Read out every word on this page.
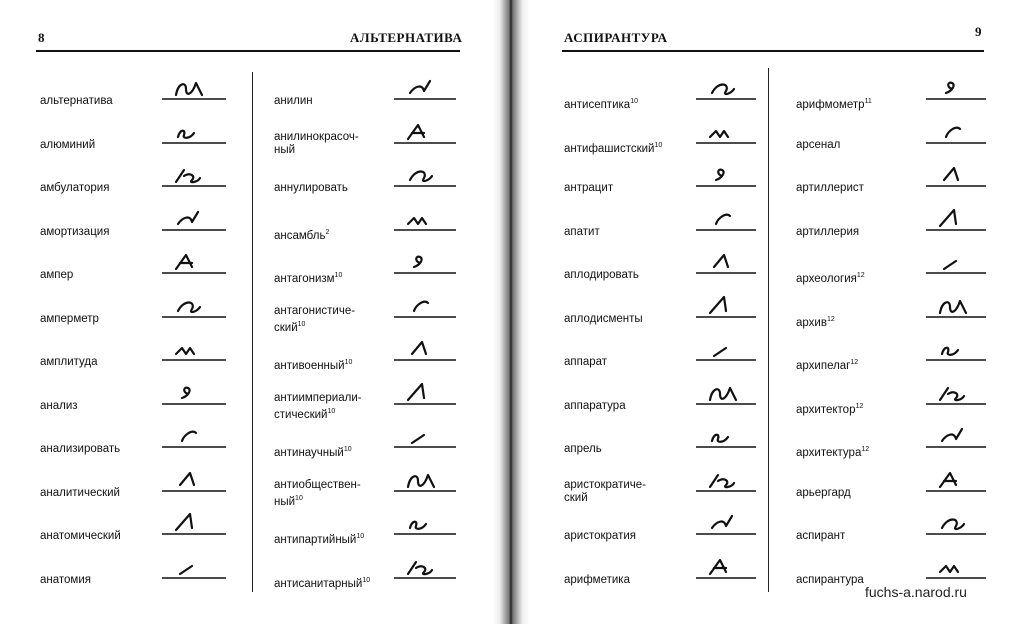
8	АЛЬТЕРНАТИВА
альтернатива
алюминий
амбулатория
амортизация
ампер
амперметр
амплитуда
анализ
анализировать
аналитический
анатомический
анатомия
анилин
анилинокрасоч-
ный
аннулировать
ансамбль$^2$
антагонизм$^{10}$
антагонистиче-
ский$^{10}$
антивоенный$^{10}$
антиимпериали-
стический$^{10}$
антинаучный$^{10}$
антиобществен-
ный$^{10}$
антипартийный$^{10}$
антисанитарный$^{10}$
АСПИРАНТУРА	9
антисептика$^{10}$
антифашистский$^{10}$
антрацит
апатит
аплодировать
аплодисменты
аппарат
аппаратура
апрель
аристократиче-
ский
аристократия
арифметика
арифмометр$^{11}$
арсенал
артиллерист
артиллерия
археология$^{12}$
архив$^{12}$
архипелаг$^{12}$
архитектор$^{12}$
архитектура$^{12}$
арьергард
аспирант
аспирантура
fuchs-a.narod.ru
